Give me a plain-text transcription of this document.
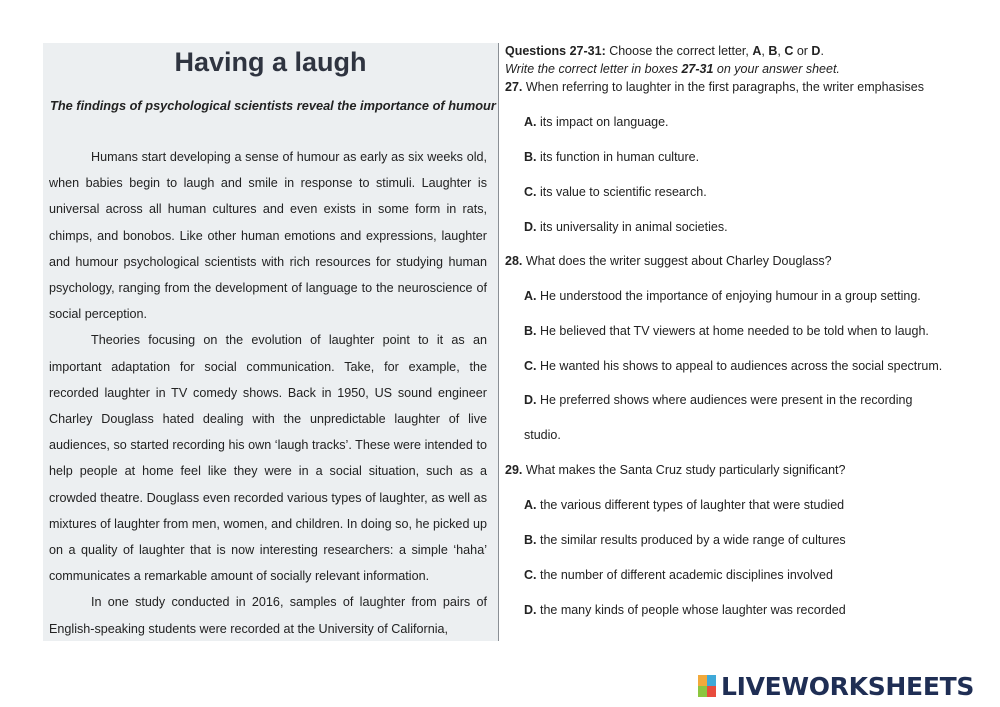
Having a laugh
The findings of psychological scientists reveal the importance of humour

Humans start developing a sense of humour as early as six weeks old, when babies begin to laugh and smile in response to stimuli. Laughter is universal across all human cultures and even exists in some form in rats, chimps, and bonobos. Like other human emotions and expressions, laughter and humour psychological scientists with rich resources for studying human psychology, ranging from the development of language to the neuroscience of social perception.

Theories focusing on the evolution of laughter point to it as an important adaptation for social communication. Take, for example, the recorded laughter in TV comedy shows. Back in 1950, US sound engineer Charley Douglass hated dealing with the unpredictable laughter of live audiences, so started recording his own ‘laugh tracks’. These were intended to help people at home feel like they were in a social situation, such as a crowded theatre. Douglass even recorded various types of laughter, as well as mixtures of laughter from men, women, and children. In doing so, he picked up on a quality of laughter that is now interesting researchers: a simple ‘haha’ communicates a remarkable amount of socially relevant information.

In one study conducted in 2016, samples of laughter from pairs of English-speaking students were recorded at the University of California,

Questions 27-31: Choose the correct letter, A, B, C or D.
Write the correct letter in boxes 27-31 on your answer sheet.
27. When referring to laughter in the first paragraphs, the writer emphasises
A. its impact on language.
B. its function in human culture.
C. its value to scientific research.
D. its universality in animal societies.
28. What does the writer suggest about Charley Douglass?
A. He understood the importance of enjoying humour in a group setting.
B. He believed that TV viewers at home needed to be told when to laugh.
C. He wanted his shows to appeal to audiences across the social spectrum.
D. He preferred shows where audiences were present in the recording
studio.
29. What makes the Santa Cruz study particularly significant?
A. the various different types of laughter that were studied
B. the similar results produced by a wide range of cultures
C. the number of different academic disciplines involved
D. the many kinds of people whose laughter was recorded
LIVEWORKSHEETS
